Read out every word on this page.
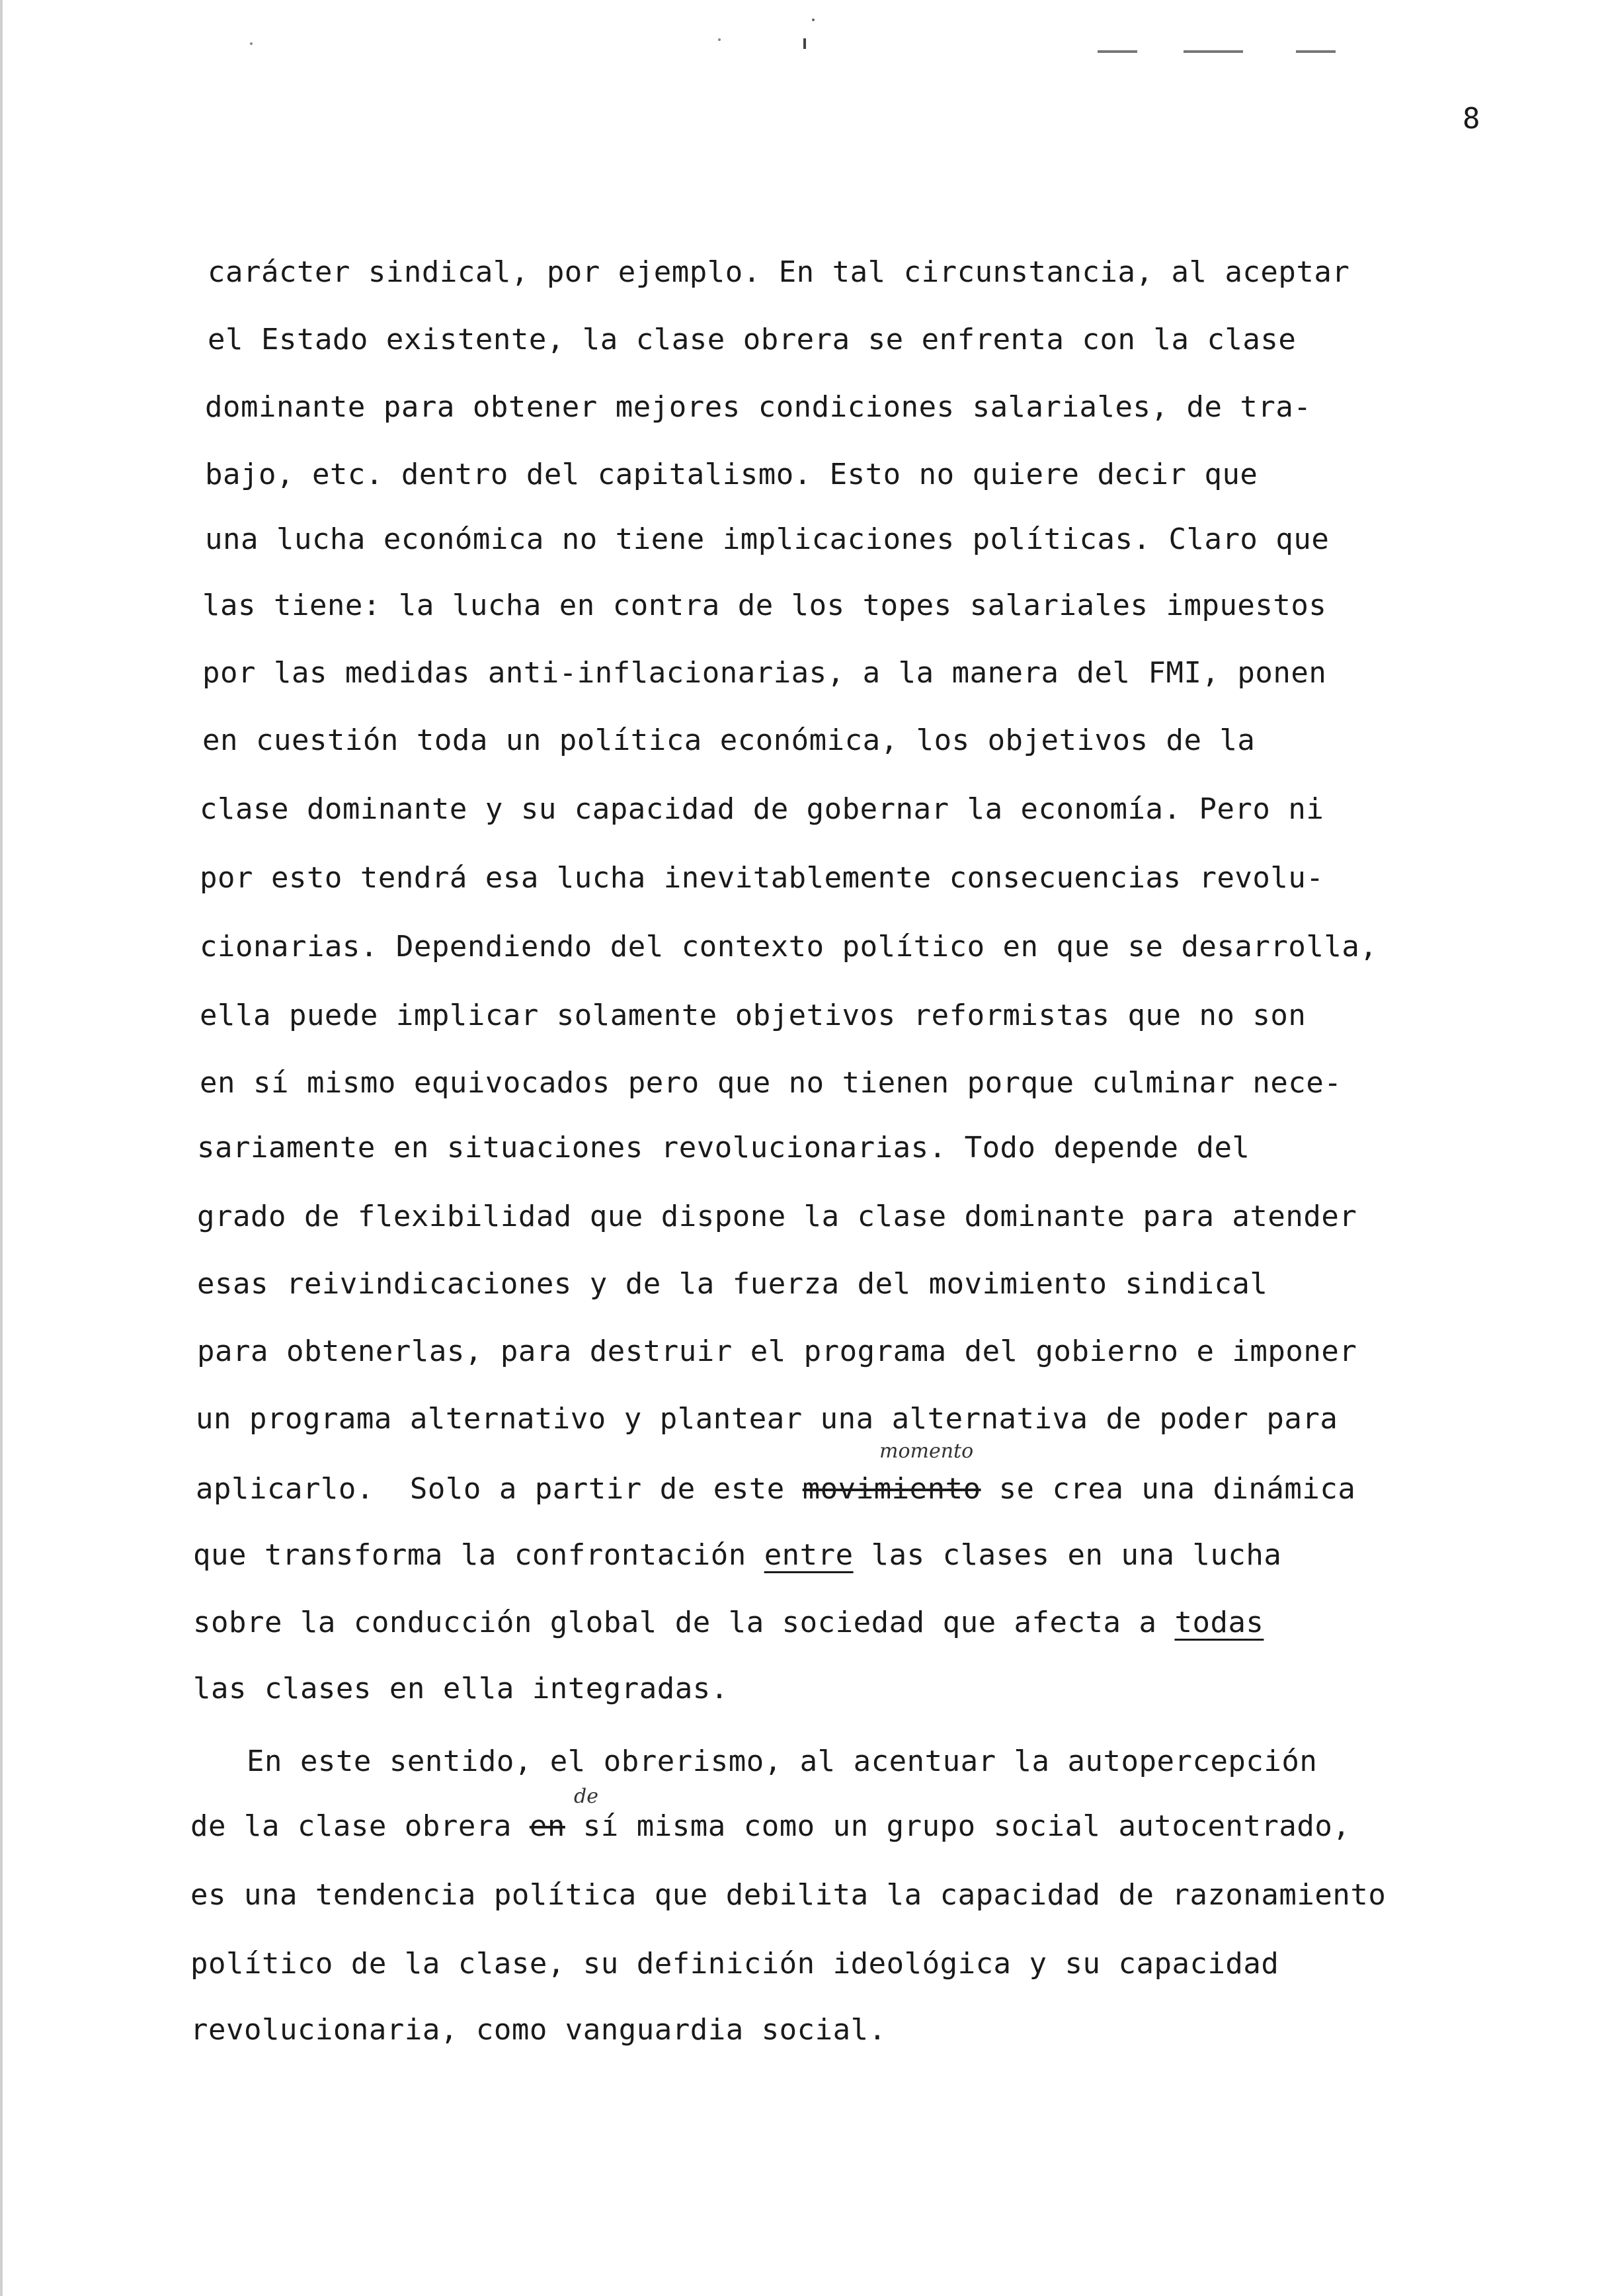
8
carácter sindical, por ejemplo. En tal circunstancia, al aceptar
el Estado existente, la clase obrera se enfrenta con la clase
dominante para obtener mejores condiciones salariales, de tra-
bajo, etc. dentro del capitalismo. Esto no quiere decir que
una lucha económica no tiene implicaciones políticas. Claro que
las tiene: la lucha en contra de los topes salariales impuestos
por las medidas anti-inflacionarias, a la manera del FMI, ponen
en cuestión toda un política económica, los objetivos de la
clase dominante y su capacidad de gobernar la economía. Pero ni
por esto tendrá esa lucha inevitablemente consecuencias revolu-
cionarias. Dependiendo del contexto político en que se desarrolla,
ella puede implicar solamente objetivos reformistas que no son
en sí mismo equivocados pero que no tienen porque culminar nece-
sariamente en situaciones revolucionarias. Todo depende del
grado de flexibilidad que dispone la clase dominante para atender
esas reivindicaciones y de la fuerza del movimiento sindical
para obtenerlas, para destruir el programa del gobierno e imponer
un programa alternativo y plantear una alternativa de poder para
momento
aplicarlo.  Solo a partir de este movimiento se crea una dinámica
que transforma la confrontación entre las clases en una lucha
sobre la conducción global de la sociedad que afecta a todas
las clases en ella integradas.
En este sentido, el obrerismo, al acentuar la autopercepción
de
de la clase obrera en sí misma como un grupo social autocentrado,
es una tendencia política que debilita la capacidad de razonamiento
político de la clase, su definición ideológica y su capacidad
revolucionaria, como vanguardia social.
